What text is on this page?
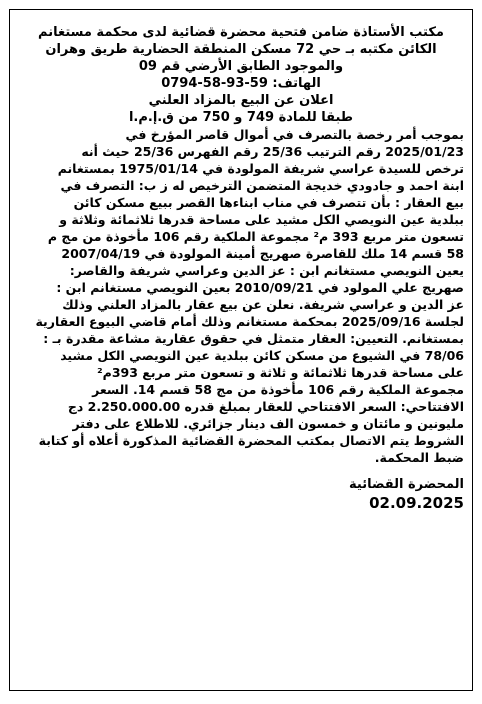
مكتب الأستاذة ضامن فتحية محضرة قضائية لدى محكمة مستغانم
الكائن مكتبه بـ حي 72 مسكن المنطقة الحضارية طريق وهران
والموجود الطابق الأرضي قم 09
الهاتف: 59-93-58-0794
اعلان عن البيع بالمزاد العلني
طبقا للمادة 749 و 750 من ق.إ.م.ا
بموجب أمر رخصة بالتصرف في أموال قاصر المؤرخ في
2025/01/23 رقم الترتيب 25/36 رقم الفهرس 25/36 حيث أنه
ترخص للسيدة عراسي شريفة المولودة في 1975/01/14 بمستغانم
ابنة احمد و جادودي خديجة المتضمن الترخيص له ز ب: التصرف في
بيع العقار : بأن تتصرف في مناب ابناءها القصر ببيع مسكن كائن
ببلدية عين النويصي الكل مشيد على مساحة قدرها ثلاثمائة وثلاثة و
تسعون متر مربع 393 م² مجموعة الملكية رقم 106 مأخوذة من مج م
58 قسم 14 ملك للقاصرة صهريج أمينة المولودة في 2007/04/19
يعين النويصي مستغانم ابن : عز الدين وعراسي شريفة والقاصر:
صهريج علي المولود في 2010/09/21 بعين النويصي مستغانم ابن :
عز الدين و عراسي شريفة. نعلن عن بيع عقار بالمزاد العلني وذلك
لجلسة 2025/09/16 بمحكمة مستغانم وذلك أمام قاضي البيوع العقارية
بمستغانم. التعيين: العقار متمثل في حقوق عقارية مشاعة مقدرة بـ :
78/06 في الشيوع من مسكن كائن ببلدية عين النويصي الكل مشيد
على مساحة قدرها ثلاثمائة و ثلاثة و تسعون متر مربع 393م²
مجموعة الملكية رقم 106 مأخوذة من مج 58 قسم 14. السعر
الافتتاحي: السعر الافتتاحي للعقار بمبلغ قدره 2.250.000.00 دج
مليونين و مائتان و خمسون الف دينار جزائري. للاطلاع على دفتر
الشروط يتم الاتصال بمكتب المحضرة القضائية المذكورة أعلاه أو كتابة
ضبط المحكمة.
المحضرة القضائية
02.09.2025
